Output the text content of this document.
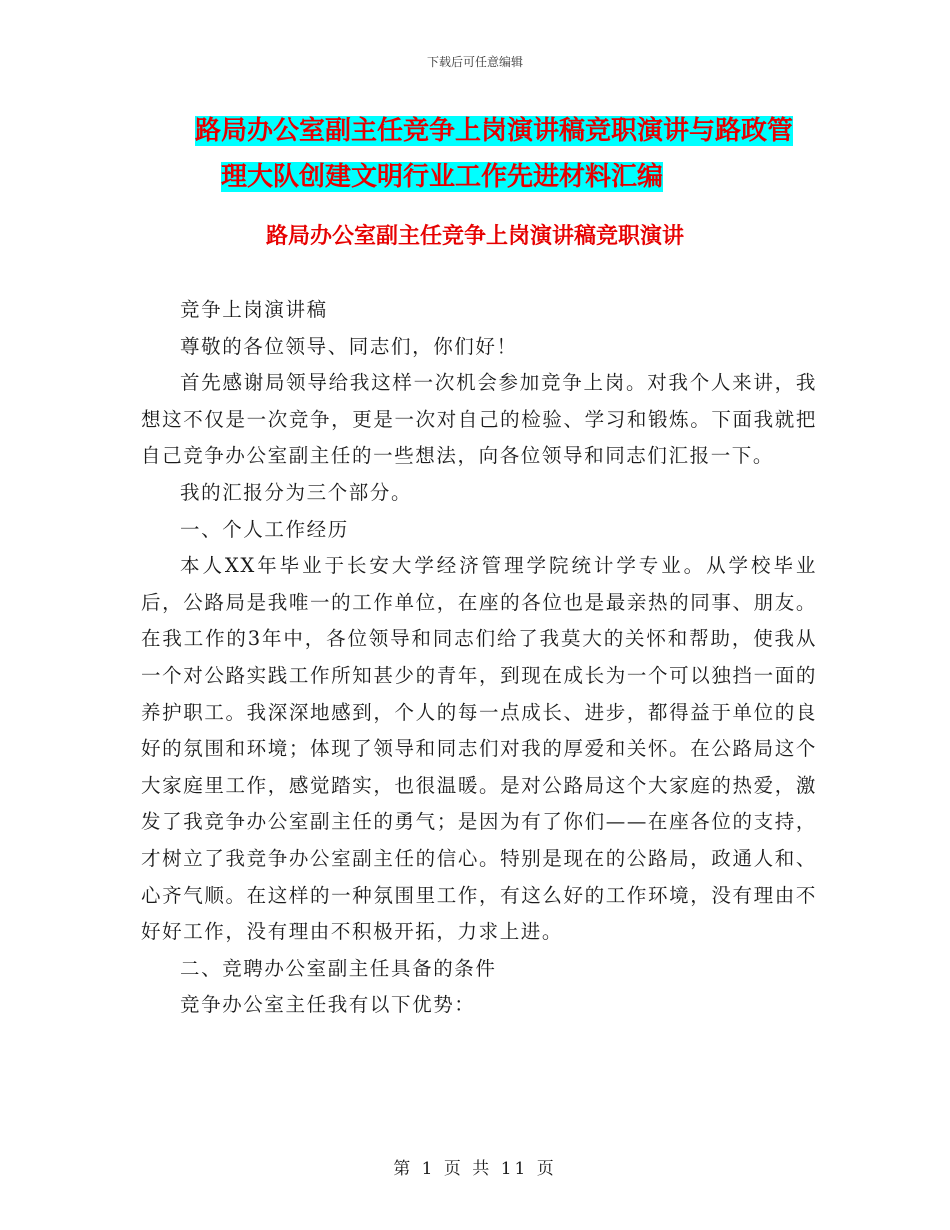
下载后可任意编辑
路局办公室副主任竞争上岗演讲稿竞职演讲与路政管
理大队创建文明行业工作先进材料汇编
路局办公室副主任竞争上岗演讲稿竞职演讲

竞争上岗演讲稿

尊敬的各位领导、同志们，你们好！

首先感谢局领导给我这样一次机会参加竞争上岗。对我个人来讲，我想这不仅是一次竞争，更是一次对自己的检验、学习和锻炼。下面我就把自己竞争办公室副主任的一些想法，向各位领导和同志们汇报一下。

我的汇报分为三个部分。

一、个人工作经历

本人XX年毕业于长安大学经济管理学院统计学专业。从学校毕业后，公路局是我唯一的工作单位，在座的各位也是最亲热的同事、朋友。在我工作的3年中，各位领导和同志们给了我莫大的关怀和帮助，使我从一个对公路实践工作所知甚少的青年，到现在成长为一个可以独挡一面的养护职工。我深深地感到，个人的每一点成长、进步，都得益于单位的良好的氛围和环境；体现了领导和同志们对我的厚爱和关怀。在公路局这个大家庭里工作，感觉踏实，也很温暖。是对公路局这个大家庭的热爱，激发了我竞争办公室副主任的勇气；是因为有了你们——在座各位的支持，才树立了我竞争办公室副主任的信心。特别是现在的公路局，政通人和、心齐气顺。在这样的一种氛围里工作，有这么好的工作环境，没有理由不好好工作，没有理由不积极开拓，力求上进。

二、竞聘办公室副主任具备的条件

竞争办公室主任我有以下优势：

第 1 页 共 11 页
